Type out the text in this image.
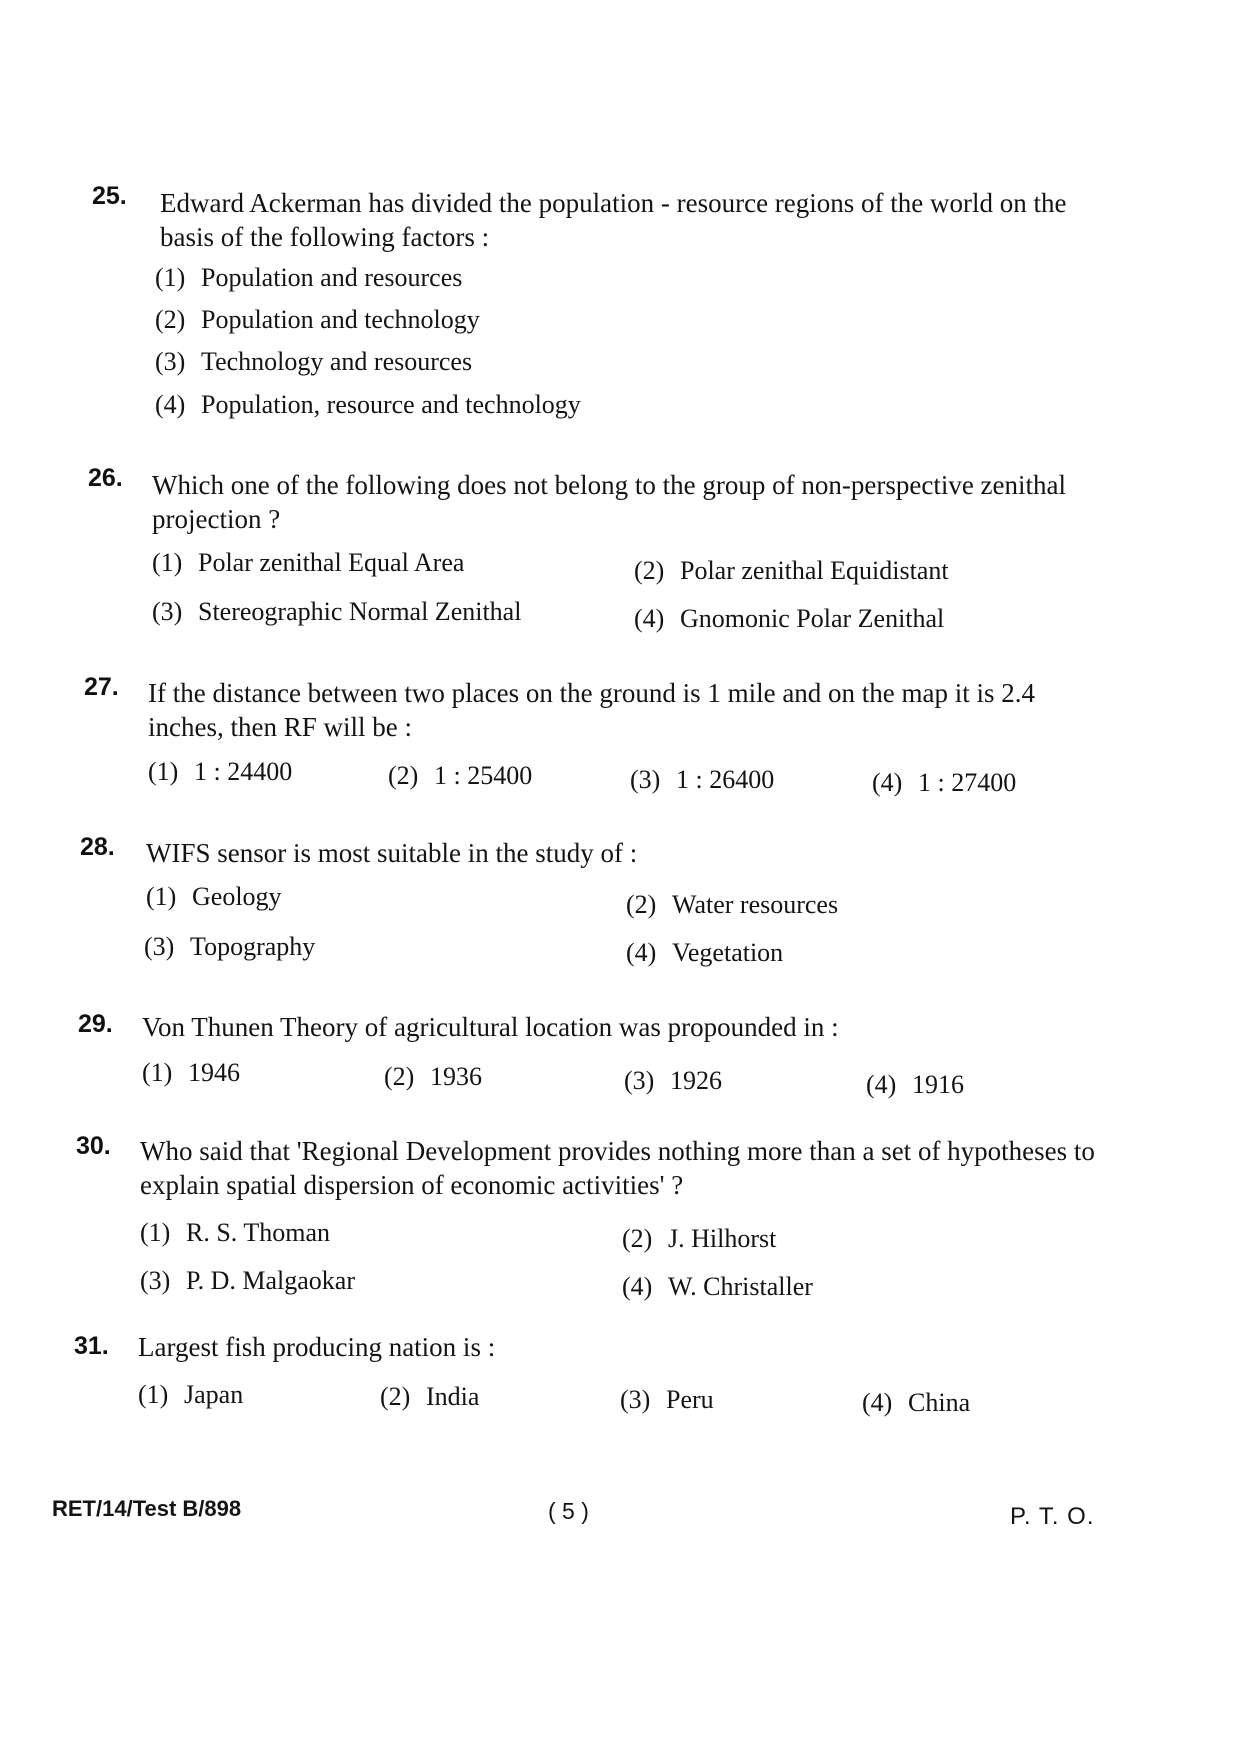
25. Edward Ackerman has divided the population - resource regions of the world on the basis of the following factors :
(1) Population and resources
(2) Population and technology
(3) Technology and resources
(4) Population, resource and technology
26. Which one of the following does not belong to the group of non-perspective zenithal projection ?
(1) Polar zenithal Equal Area	(2) Polar zenithal Equidistant
(3) Stereographic Normal Zenithal	(4) Gnomonic Polar Zenithal
27. If the distance between two places on the ground is 1 mile and on the map it is 2.4 inches, then RF will be :
(1) 1 : 24400	(2) 1 : 25400	(3) 1 : 26400	(4) 1 : 27400
28. WIFS sensor is most suitable in the study of :
(1) Geology	(2) Water resources
(3) Topography	(4) Vegetation
29. Von Thunen Theory of agricultural location was propounded in :
(1) 1946	(2) 1936	(3) 1926	(4) 1916
30. Who said that 'Regional Development provides nothing more than a set of hypotheses to explain spatial dispersion of economic activities' ?
(1) R. S. Thoman	(2) J. Hilhorst
(3) P. D. Malgaokar	(4) W. Christaller
31. Largest fish producing nation is :
(1) Japan	(2) India	(3) Peru	(4) China
RET/14/Test B/898	( 5 )	P. T. O.
